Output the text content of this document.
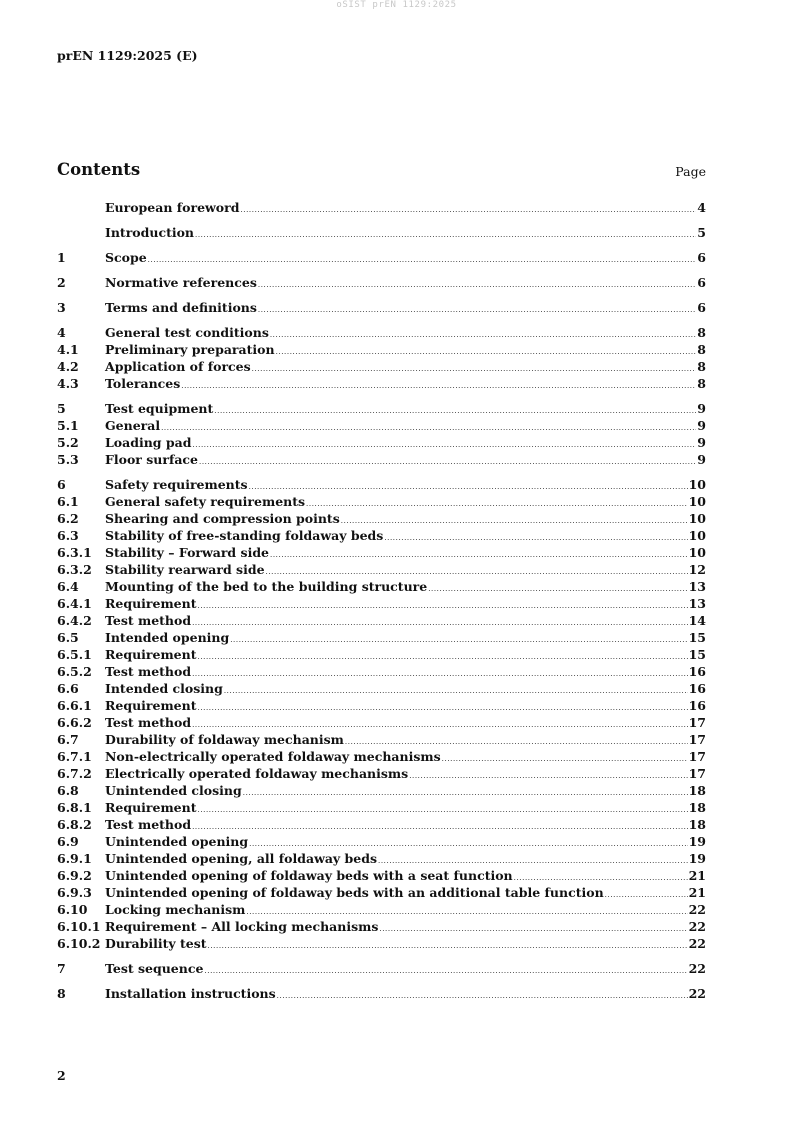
oSIST prEN 1129:2025
prEN 1129:2025 (E)
Contents	Page
European foreword .....	4
Introduction .....	5
1	Scope .....	6
2	Normative references .....	6
3	Terms and definitions .....	6
4	General test conditions .....	8
4.1	Preliminary preparation .....	8
4.2	Application of forces .....	8
4.3	Tolerances .....	8
5	Test equipment .....	9
5.1	General .....	9
5.2	Loading pad .....	9
5.3	Floor surface .....	9
6	Safety requirements .....	10
6.1	General safety requirements .....	10
6.2	Shearing and compression points .....	10
6.3	Stability of free-standing foldaway beds .....	10
6.3.1	Stability – Forward side .....	10
6.3.2	Stability rearward side .....	12
6.4	Mounting of the bed to the building structure .....	13
6.4.1	Requirement .....	13
6.4.2	Test method .....	14
6.5	Intended opening .....	15
6.5.1	Requirement .....	15
6.5.2	Test method .....	16
6.6	Intended closing .....	16
6.6.1	Requirement .....	16
6.6.2	Test method .....	17
6.7	Durability of foldaway mechanism .....	17
6.7.1	Non-electrically operated foldaway mechanisms .....	17
6.7.2	Electrically operated foldaway mechanisms .....	17
6.8	Unintended closing .....	18
6.8.1	Requirement .....	18
6.8.2	Test method .....	18
6.9	Unintended opening .....	19
6.9.1	Unintended opening, all foldaway beds .....	19
6.9.2	Unintended opening of foldaway beds with a seat function .....	21
6.9.3	Unintended opening of foldaway beds with an additional table function .....	21
6.10	Locking mechanism .....	22
6.10.1 Requirement – All locking mechanisms .....	22
6.10.2 Durability test .....	22
7	Test sequence .....	22
8	Installation instructions .....	22
2
